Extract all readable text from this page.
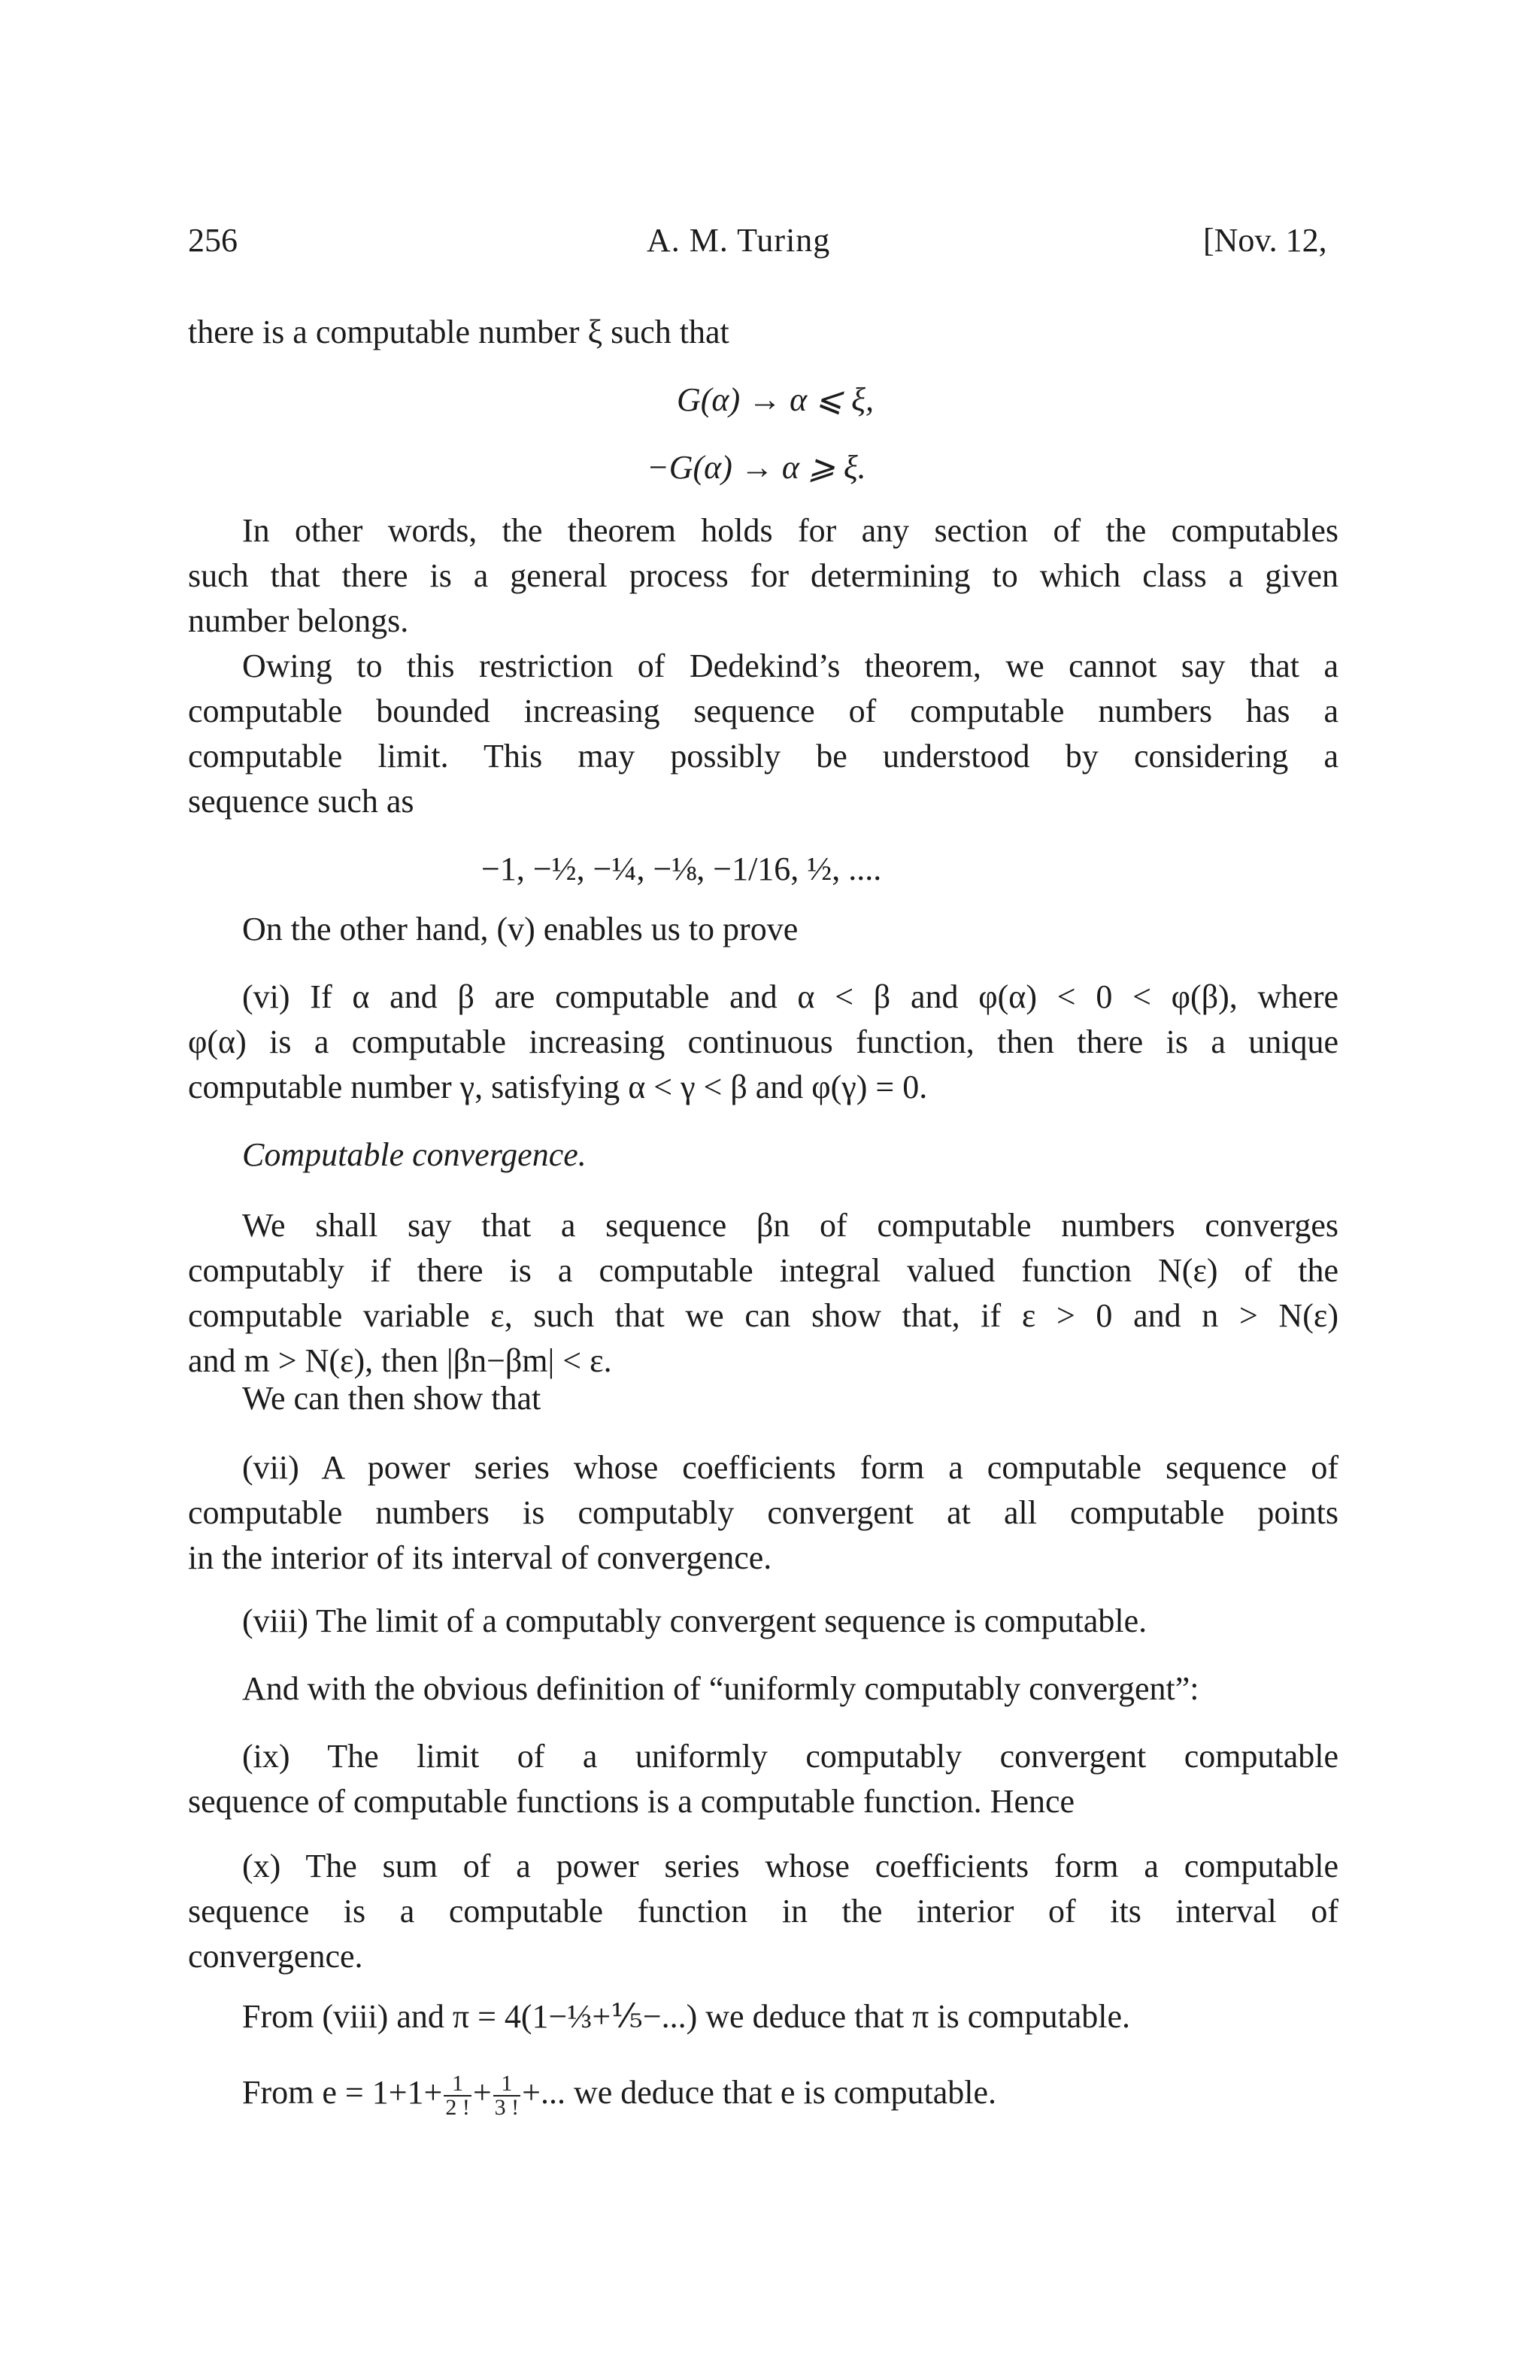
256	A. M. Turing	[Nov. 12,
there is a computable number ξ such that
G(α) → α ⩽ ξ,
−G(α) → α ⩾ ξ.
In other words, the theorem holds for any section of the computables
such that there is a general process for determining to which class a given
number belongs.
Owing to this restriction of Dedekind’s theorem, we cannot say that a
computable bounded increasing sequence of computable numbers has a
computable limit. This may possibly be understood by considering a
sequence such as
−1, −½, −¼, −⅛, −1/16, ½, ....
On the other hand, (v) enables us to prove
(vi) If α and β are computable and α < β and φ(α) < 0 < φ(β), where
φ(α) is a computable increasing continuous function, then there is a unique
computable number γ, satisfying α < γ < β and φ(γ) = 0.
Computable convergence.
We shall say that a sequence βn of computable numbers converges
computably if there is a computable integral valued function N(ε) of the
computable variable ε, such that we can show that, if ε > 0 and n > N(ε)
and m > N(ε), then |βn−βm| < ε.
We can then show that
(vii) A power series whose coefficients form a computable sequence of
computable numbers is computably convergent at all computable points
in the interior of its interval of convergence.
(viii) The limit of a computably convergent sequence is computable.
And with the obvious definition of “uniformly computably convergent”:
(ix) The limit of a uniformly computably convergent computable
sequence of computable functions is a computable function. Hence
(x) The sum of a power series whose coefficients form a computable
sequence is a computable function in the interior of its interval of
convergence.
From (viii) and π = 4(1−⅓+⅕−...) we deduce that π is computable.
From $e = 1+1+ \frac{1}{2 !} + \frac{1}{3 !}$ +... we deduce that e is computable.
